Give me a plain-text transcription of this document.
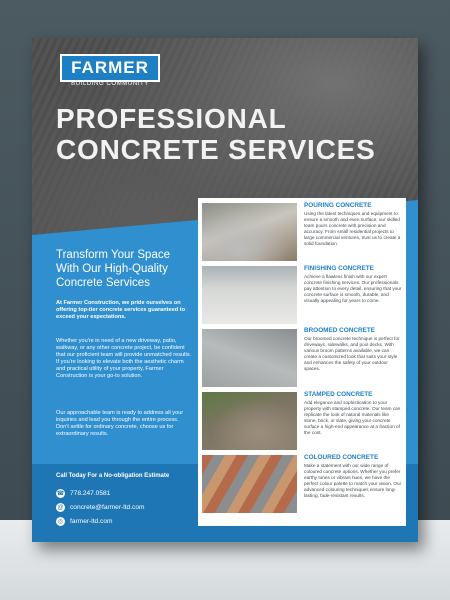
FARMER
BUILDING COMMUNITY
PROFESSIONAL
CONCRETE SERVICES
Transform Your Space With Our High-Quality Concrete Services
At Farmer Construction, we pride ourselves on offering top-tier concrete services guaranteed to exceed your expectations.
Whether you're in need of a new driveway, patio, walkway, or any other concrete project, be confident that our proficient team will provide unmatched results. If you're looking to elevate both the aesthetic charm and practical utility of your property, Farmer Construction is your go-to solution.
Our approachable team is ready to address all your inquiries and lead you through the entire process. Don't settle for ordinary concrete, choose us for extraordinary results.
Call Today For a No-obligation Estimate
☎ 778.247.0581
@ concrete@farmer-ltd.com
◎ farmer-ltd.com
POURING CONCRETE
Using the latest techniques and equipment to ensure a smooth and even surface, our skilled team pours concrete with precision and accuracy. From small residential projects to large commercial ventures, trust us to create a solid foundation.
FINISHING CONCRETE
Achieve a flawless finish with our expert concrete finishing services. Our professionals pay attention to every detail, ensuring that your concrete surface is smooth, durable, and visually appealing for years to come.
BROOMED CONCRETE
Our broomed concrete technique is perfect for driveways, sidewalks, and pool decks. With various broom patterns available, we can create a customized look that suits your style and enhances the safety of your outdoor spaces.
STAMPED CONCRETE
Add elegance and sophistication to your property with stamped concrete. Our team can replicate the look of natural materials like stone, brick, or slate, giving your concrete surface a high-end appearance at a fraction of the cost.
COLOURED CONCRETE
Make a statement with our wide range of coloured concrete options. Whether you prefer earthy tones or vibrant hues, we have the perfect colour palette to match your vision. Our advanced colouring techniques ensure long-lasting, fade-resistant results.
